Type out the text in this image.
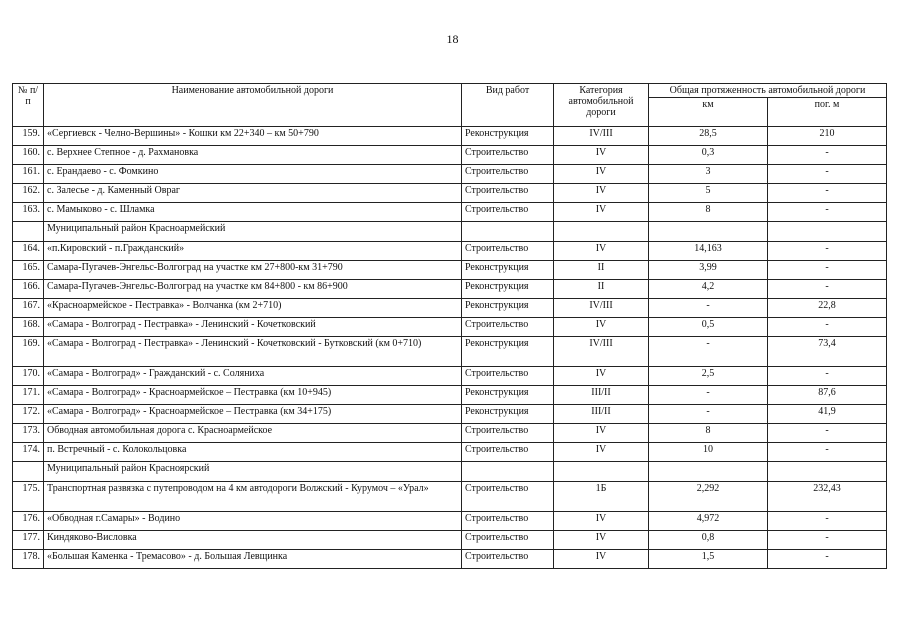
18
№ п/п	Наименование автомобильной дороги	Вид работ	Категория автомобильной дороги	Общая протяженность автомобильной дороги	
				км	пог. м
159.	«Сергиевск - Челно-Вершины» - Кошки км 22+340 – км 50+790	Реконструкция	IV/III	28,5	210
160.	с. Верхнее Степное - д. Рахмановка	Строительство	IV	0,3	-
161.	с. Ерандаево - с. Фомкино	Строительство	IV	3	-
162.	с. Залесье - д. Каменный Овраг	Строительство	IV	5	-
163.	с. Мамыково - с. Шламка	Строительство	IV	8	-
	Муниципальный район Красноармейский				
164.	«п.Кировский - п.Гражданский»	Строительство	IV	14,163	-
165.	Самара-Пугачев-Энгельс-Волгоград на участке км 27+800-км 31+790	Реконструкция	II	3,99	-
166.	Самара-Пугачев-Энгельс-Волгоград на участке км 84+800 - км 86+900	Реконструкция	II	4,2	-
167.	«Красноармейское - Пестравка» - Волчанка (км 2+710)	Реконструкция	IV/III	-	22,8
168.	«Самара - Волгоград - Пестравка» - Ленинский - Кочетковский	Строительство	IV	0,5	-
169.	«Самара - Волгоград - Пестравка» - Ленинский - Кочетковский - Бутковский (км 0+710)	Реконструкция	IV/III	-	73,4
170.	«Самара - Волгоград» - Гражданский - с. Соляниха	Строительство	IV	2,5	-
171.	«Самара - Волгоград» - Красноармейское – Пестравка (км 10+945)	Реконструкция	III/II	-	87,6
172.	«Самара - Волгоград» - Красноармейское – Пестравка (км 34+175)	Реконструкция	III/II	-	41,9
173.	Обводная автомобильная дорога с. Красноармейское	Строительство	IV	8	-
174.	п. Встречный - с. Колокольцовка	Строительство	IV	10	-
	Муниципальный район Красноярский				
175.	Транспортная развязка с путепроводом на 4 км автодороги Волжский - Курумоч – «Урал»	Строительство	1Б	2,292	232,43
176.	«Обводная г.Самары» - Водино	Строительство	IV	4,972	-
177.	Киндяково-Висловка	Строительство	IV	0,8	-
178.	«Большая Каменка - Тремасово» - д. Большая Левщинка	Строительство	IV	1,5	-
